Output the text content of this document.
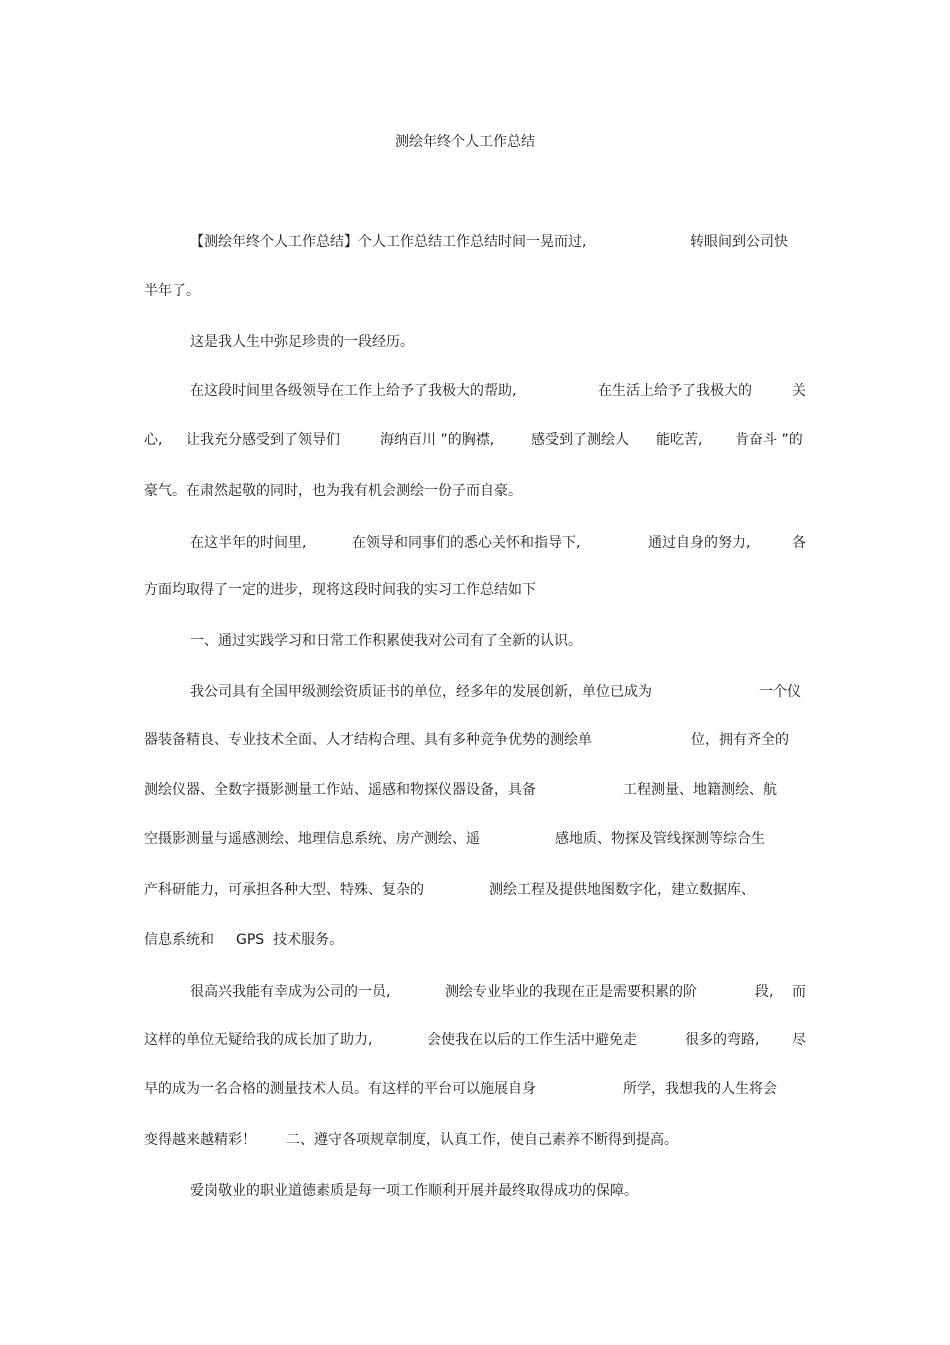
测绘年终个人工作总结
【测绘年终个人工作总结】个人工作总结工作总结时间一晃而过,	转眼间到公司快
半年了。
这是我人生中弥足珍贵的一段经历。
在这段时间里各级领导在工作上给予了我极大的帮助,	在生活上给予了我极大的	关
心, 让我充分感受到了领导们	海纳百川 ”的胸襟,	感受到了测绘人 能吃苦, 肯奋斗 ”的
豪气。在肃然起敬的同时，也为我有机会测绘一份子而自豪。
在这半年的时间里,	在领导和同事们的悉心关怀和指导下,	通过自身的努力,	各
方面均取得了一定的进步，现将这段时间我的实习工作总结如下
一、通过实践学习和日常工作积累使我对公司有了全新的认识。
我公司具有全国甲级测绘资质证书的单位，经多年的发展创新，单位已成为	一个仪
器装备精良、专业技术全面、人才结构合理、具有多种竞争优势的测绘单	位，拥有齐全的
测绘仪器、全数字摄影测量工作站、遥感和物探仪器设备，具备	工程测量、地籍测绘、航
空摄影测量与遥感测绘、地理信息系统、房产测绘、遥	感地质、物探及管线探测等综合生
产科研能力，可承担各种大型、特殊、复杂的	测绘工程及提供地图数字化，建立数据库、
信息系统和 GPS  技术服务。
很高兴我能有幸成为公司的一员,	测绘专业毕业的我现在正是需要积累的阶	段, 而
这样的单位无疑给我的成长加了助力,	会使我在以后的工作生活中避免走	很多的弯路, 尽
早的成为一名合格的测量技术人员。有这样的平台可以施展自身	所学，我想我的人生将会
变得越来越精彩！ 二、遵守各项规章制度，认真工作，使自己素养不断得到提高。
爱岗敬业的职业道德素质是每一项工作顺利开展并最终取得成功的保障。
